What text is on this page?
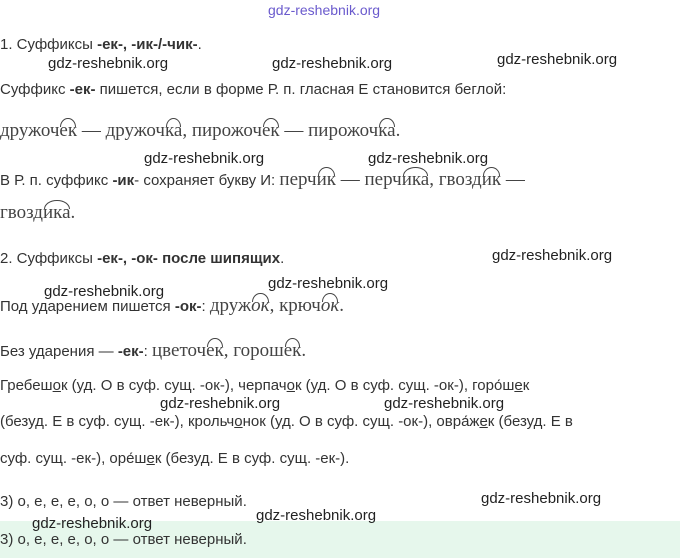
gdz-reshebnik.org
1. Суффиксы -ек-, -ик-/-чик-.
gdz-reshebnik.org	gdz-reshebnik.org	gdz-reshebnik.org
Суффикс -ек- пишется, если в форме Р. п. гласная Е становится беглой:
дружочек — дружочка, пирожочек — пирожочка.
gdz-reshebnik.org	gdz-reshebnik.org
В Р. п. суффикс -ик- сохраняет букву И: перчик — перчика, гвоздик —
гвоздика.
2. Суффиксы -ек-, -ок- после шипящих.	gdz-reshebnik.org
gdz-reshebnik.org
gdz-reshebnik.org
Под ударением пишется -ок-: дружок, крючок.
Без ударения — -ек-: цветочек, горошек.
Гребешок (уд. О в суф. сущ. -ок-), черпачок (уд. О в суф. сущ. -ок-), горо́шек
gdz-reshebnik.org	gdz-reshebnik.org
(безуд. Е в суф. сущ. -ек-), крольчонок (уд. О в суф. сущ. -ок-), овра́жек (безуд. Е в
суф. сущ. -ек-), оре́шек (безуд. Е в суф. сущ. -ек-).
3) о, е, е, е, о, о — ответ неверный.	gdz-reshebnik.org
gdz-reshebnik.org
gdz-reshebnik.org
3) о, е, е, е, о, о — ответ неверный.
